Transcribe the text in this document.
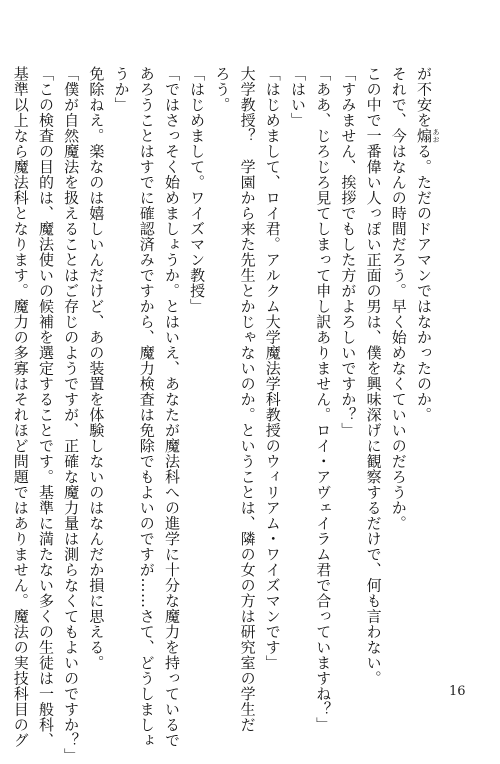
が不安を煽 あおる。ただのドアマンではなかったのか。
それで、今はなんの時間だろう。早く始めなくていいのだろうか。
この中で一番偉い人っぽい正面の男は、僕を興味深げに観察するだけで、何も言わない。
「すみません、挨拶でもした方がよろしいですか？」
「ああ、じろじろ見てしまって申し訳ありません。ロイ・アヴェイラム君で合っていますね？」
「はい」
「はじめまして、ロイ君。アルクム大学魔法学科教授のウィリアム・ワイズマンです」
大学教授？　学園から来た先生とかじゃないのか。ということは、隣の女の方は研究室の学生だ
ろう。
「はじめまして。ワイズマン教授」
「ではさっそく始めましょうか。とはいえ、あなたが魔法科への進学に十分な魔力を持っているで
あろうことはすでに確認済みですから、魔力検査は免除でもよいのですが……さて、どうしましょ
うか」
免除ねえ。楽なのは嬉しいんだけど、あの装置を体験しないのはなんだか損に思える。
「僕が自然魔法を扱えることはご存じのようですが、正確な魔力量は測らなくてもよいのですか？」
「この検査の目的は、魔法使いの候補を選定することです。基準に満たない多くの生徒は一般科、
基準以上なら魔法科となります。魔力の多寡はそれほど問題ではありません。魔法の実技科目のグ	16
